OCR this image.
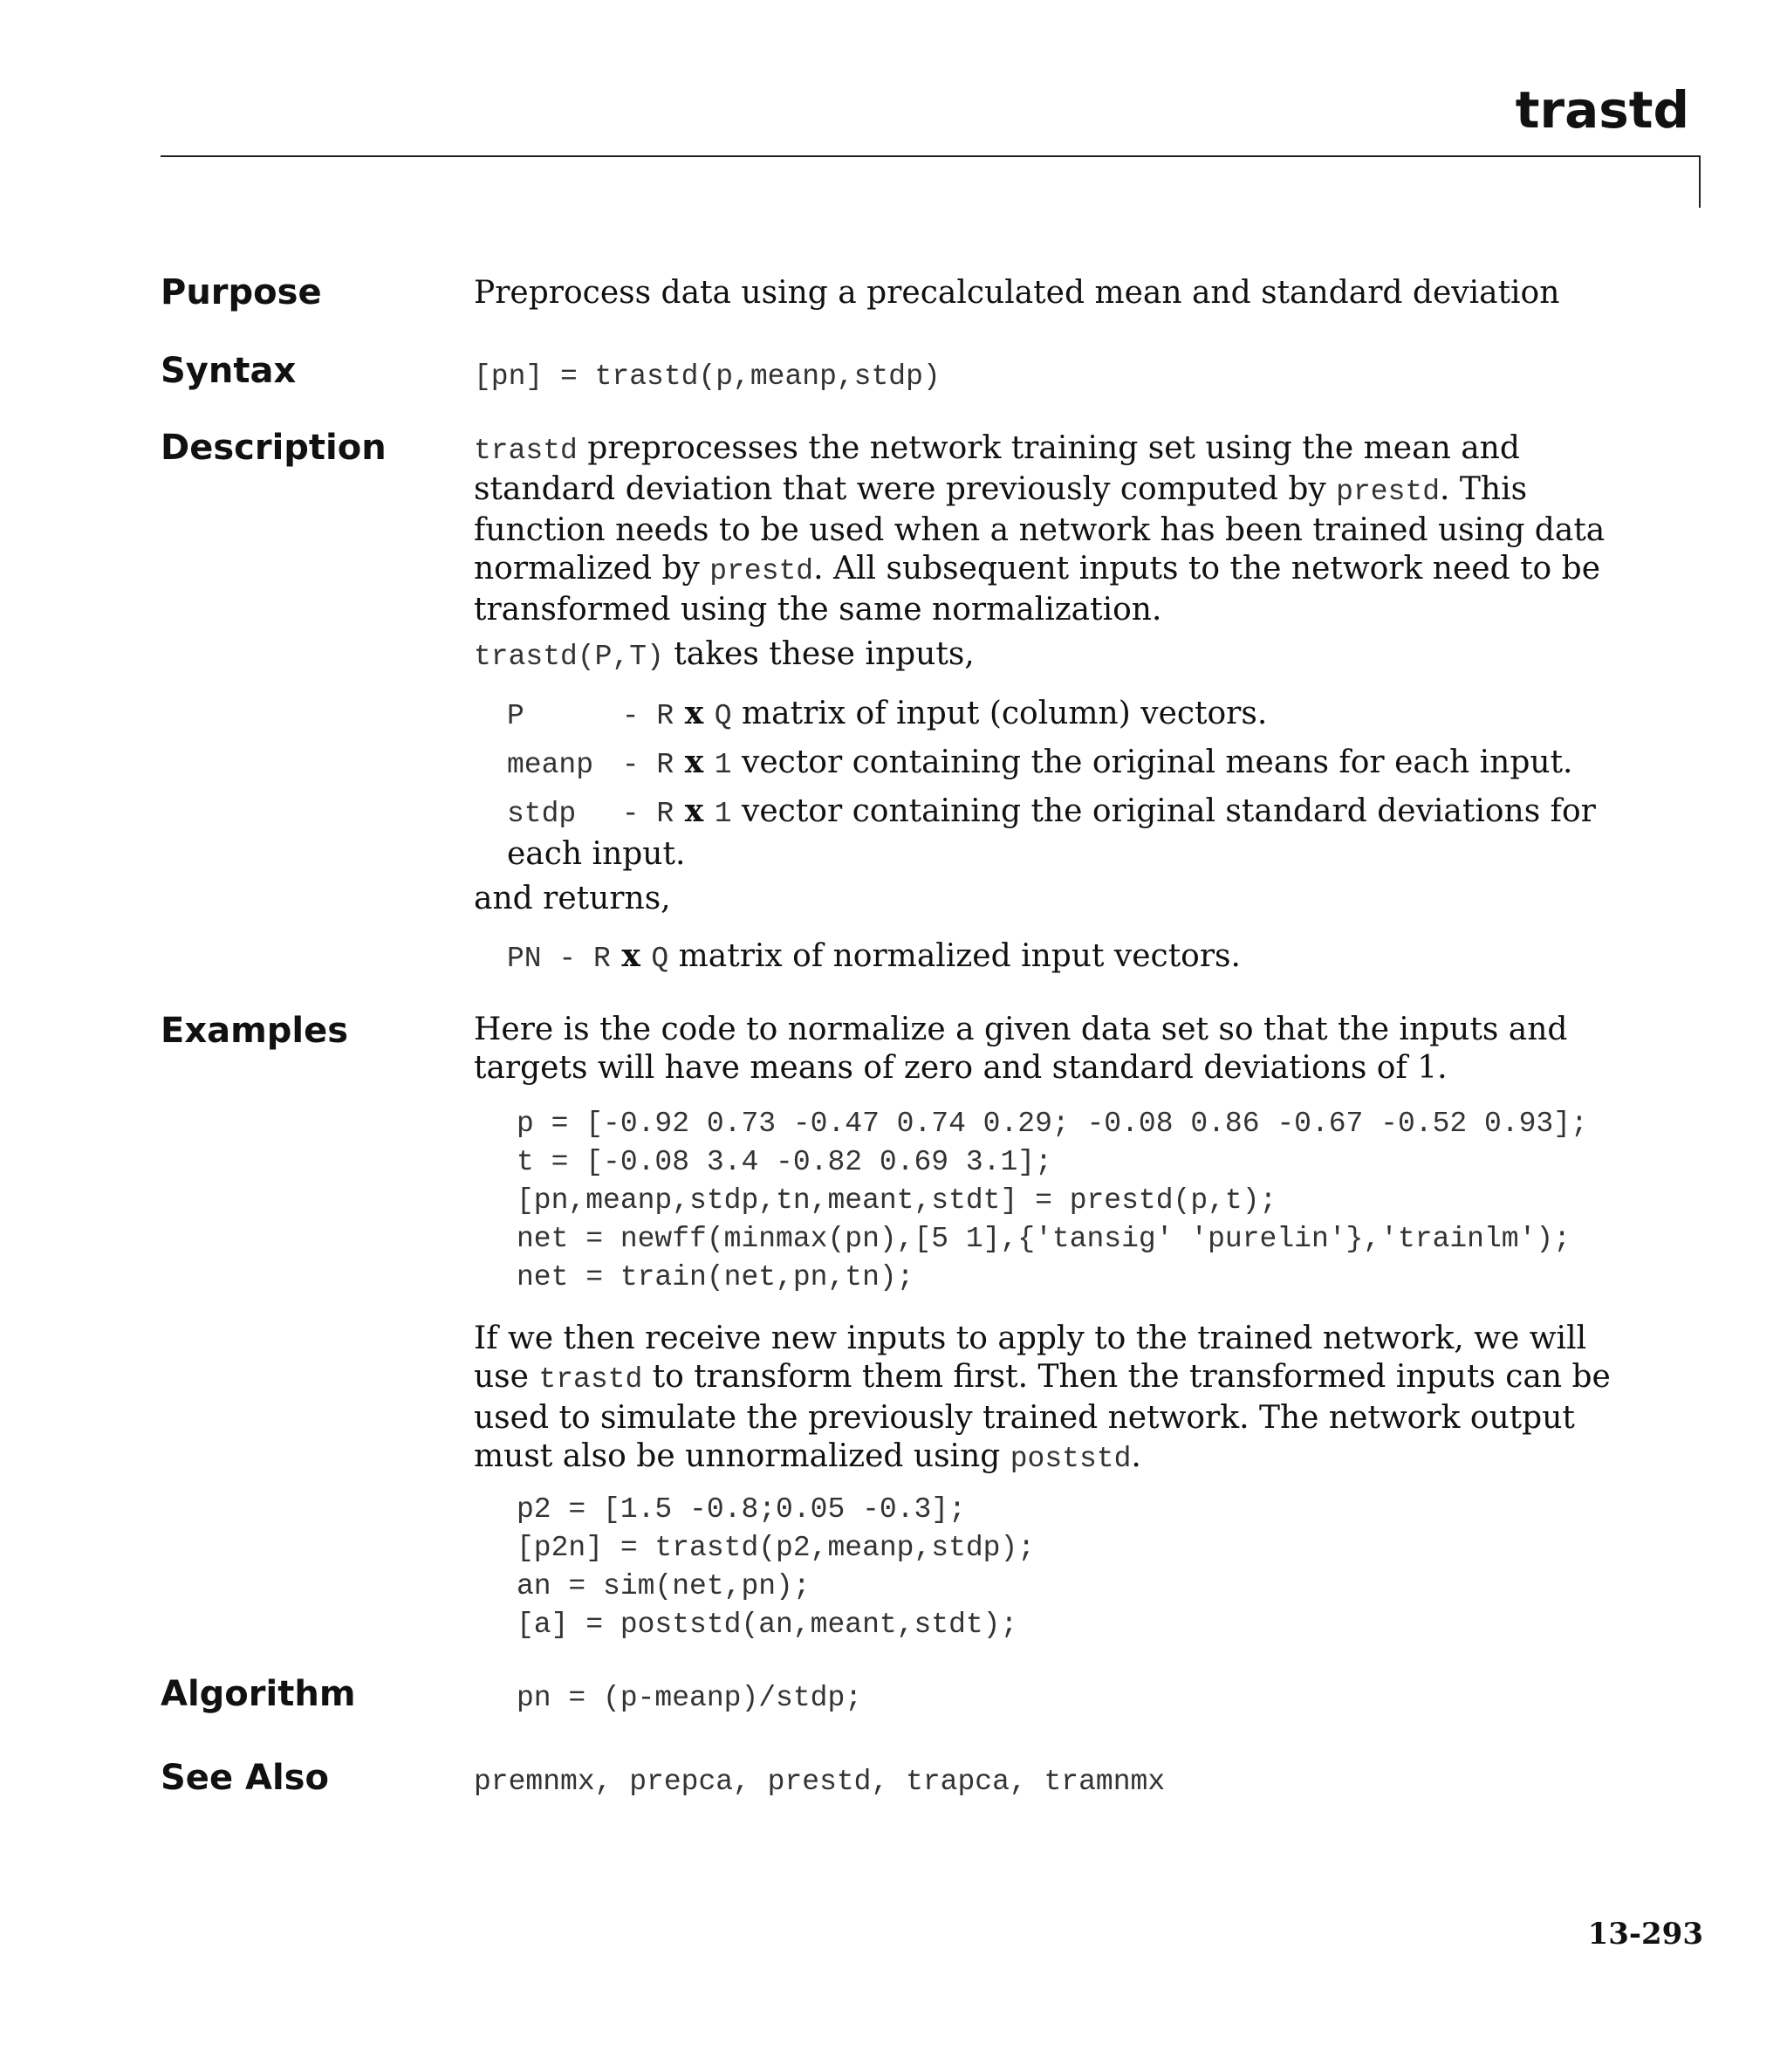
trastd
Purpose	Preprocess data using a precalculated mean and standard deviation
Syntax	[pn] = trastd(p,meanp,stdp)
Description	trastd preprocesses the network training set using the mean and standard deviation that were previously computed by prestd. This function needs to be used when a network has been trained using data normalized by prestd. All subsequent inputs to the network need to be transformed using the same normalization.
trastd(P,T) takes these inputs,
P	- R x Q matrix of input (column) vectors.
meanp - R x 1 vector containing the original means for each input.
stdp - R x 1 vector containing the original standard deviations for each input.
and returns,
PN - R x Q matrix of normalized input vectors.
Examples	Here is the code to normalize a given data set so that the inputs and targets will have means of zero and standard deviations of 1.
p = [-0.92 0.73 -0.47 0.74 0.29; -0.08 0.86 -0.67 -0.52 0.93];
t = [-0.08 3.4 -0.82 0.69 3.1];
[pn,meanp,stdp,tn,meant,stdt] = prestd(p,t);
net = newff(minmax(pn),[5 1],{'tansig' 'purelin'},'trainlm');
net = train(net,pn,tn);
If we then receive new inputs to apply to the trained network, we will use trastd to transform them first. Then the transformed inputs can be used to simulate the previously trained network. The network output must also be unnormalized using poststd.
p2 = [1.5 -0.8;0.05 -0.3];
[p2n] = trastd(p2,meanp,stdp);
an = sim(net,pn);
[a] = poststd(an,meant,stdt);
Algorithm	pn = (p-meanp)/stdp;
See Also	premnmx, prepca, prestd, trapca, tramnmx
13-293
